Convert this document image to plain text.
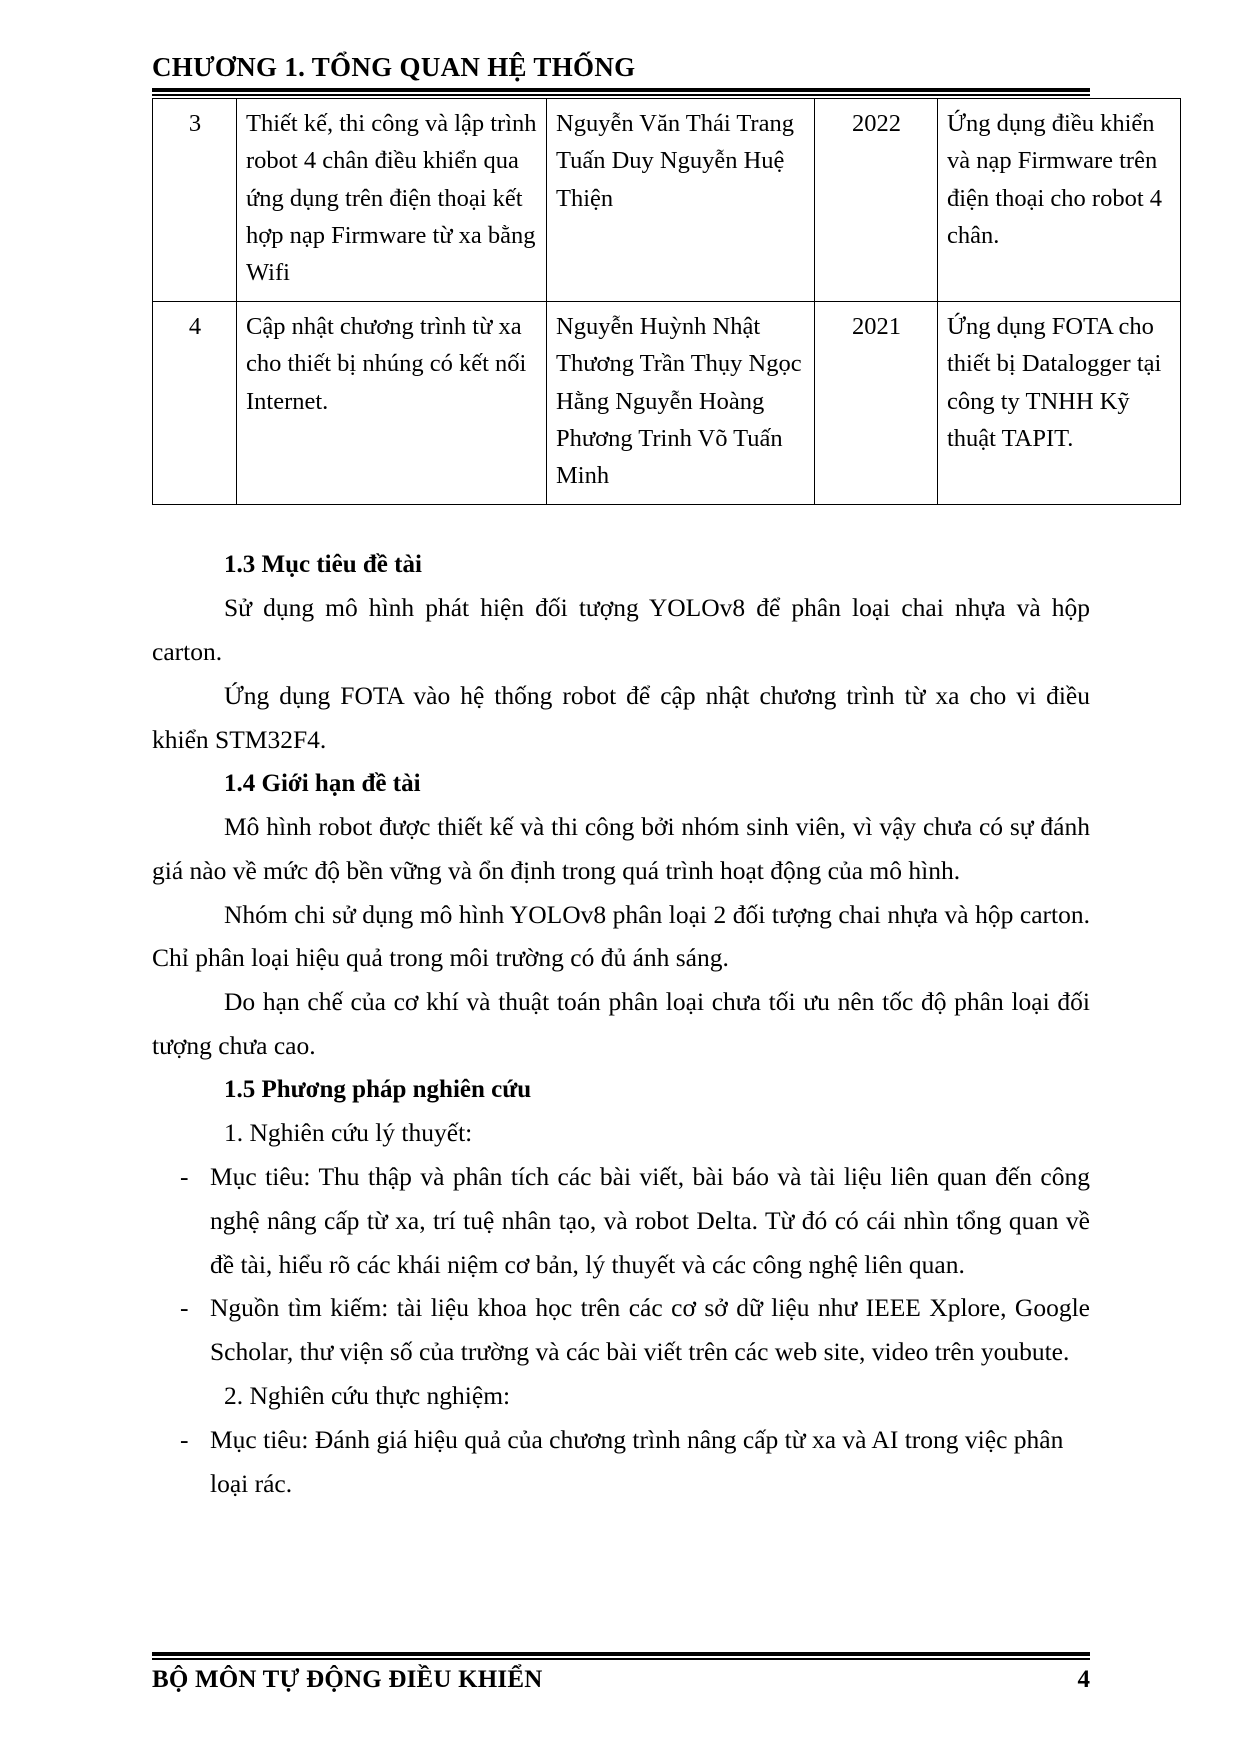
CHƯƠNG 1. TỔNG QUAN HỆ THỐNG
3	Thiết kế, thi công và lập trình robot 4 chân điều khiển qua ứng dụng trên điện thoại kết hợp nạp Firmware từ xa bằng Wifi	Nguyễn Văn Thái Trang Tuấn Duy Nguyễn Huệ Thiện	2022	Ứng dụng điều khiển và nạp Firmware trên điện thoại cho robot 4 chân.
4	Cập nhật chương trình từ xa cho thiết bị nhúng có kết nối Internet.	Nguyễn Huỳnh Nhật Thương Trần Thụy Ngọc Hằng Nguyễn Hoàng Phương Trinh Võ Tuấn Minh	2021	Ứng dụng FOTA cho thiết bị Datalogger tại công ty TNHH Kỹ thuật TAPIT.
1.3 Mục tiêu đề tài

Sử dụng mô hình phát hiện đối tượng YOLOv8 để phân loại chai nhựa và hộp carton.

Ứng dụng FOTA vào hệ thống robot để cập nhật chương trình từ xa cho vi điều khiển STM32F4.

1.4 Giới hạn đề tài

Mô hình robot được thiết kế và thi công bởi nhóm sinh viên, vì vậy chưa có sự đánh giá nào về mức độ bền vững và ổn định trong quá trình hoạt động của mô hình.

Nhóm chi sử dụng mô hình YOLOv8 phân loại 2 đối tượng chai nhựa và hộp carton. Chỉ phân loại hiệu quả trong môi trường có đủ ánh sáng.

Do hạn chế của cơ khí và thuật toán phân loại chưa tối ưu nên tốc độ phân loại đối tượng chưa cao.

1.5 Phương pháp nghiên cứu

1. Nghiên cứu lý thuyết:

- Mục tiêu: Thu thập và phân tích các bài viết, bài báo và tài liệu liên quan đến công nghệ nâng cấp từ xa, trí tuệ nhân tạo, và robot Delta. Từ đó có cái nhìn tổng quan về đề tài, hiểu rõ các khái niệm cơ bản, lý thuyết và các công nghệ liên quan.
- Nguồn tìm kiếm: tài liệu khoa học trên các cơ sở dữ liệu như IEEE Xplore, Google Scholar, thư viện số của trường và các bài viết trên các web site, video trên youbute.

2. Nghiên cứu thực nghiệm:

- Mục tiêu: Đánh giá hiệu quả của chương trình nâng cấp từ xa và AI trong việc phân loại rác.
BỘ MÔN TỰ ĐỘNG ĐIỀU KHIỂN	4
